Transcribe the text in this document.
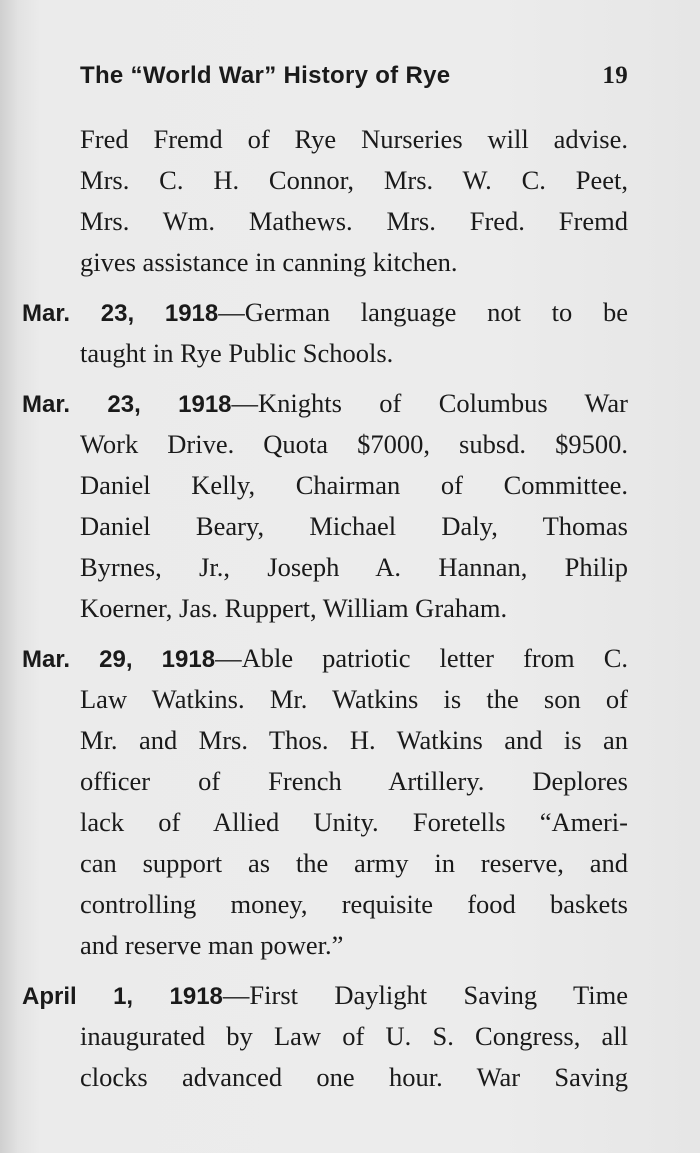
The “World War” History of Rye	19
Fred Fremd of Rye Nurseries will advise.
Mrs. C. H. Connor, Mrs. W. C. Peet,
Mrs. Wm. Mathews. Mrs. Fred. Fremd
gives assistance in canning kitchen.
Mar. 23, 1918—German language not to be
taught in Rye Public Schools.
Mar. 23, 1918—Knights of Columbus War
Work Drive. Quota $7000, subsd. $9500.
Daniel Kelly, Chairman of Committee.
Daniel Beary, Michael Daly, Thomas
Byrnes, Jr., Joseph A. Hannan, Philip
Koerner, Jas. Ruppert, William Graham.
Mar. 29, 1918—Able patriotic letter from C.
Law Watkins. Mr. Watkins is the son of
Mr. and Mrs. Thos. H. Watkins and is an
officer of French Artillery. Deplores
lack of Allied Unity. Foretells “Ameri-
can support as the army in reserve, and
controlling money, requisite food baskets
and reserve man power.”
April 1, 1918—First Daylight Saving Time
inaugurated by Law of U. S. Congress, all
clocks advanced one hour. War Saving
